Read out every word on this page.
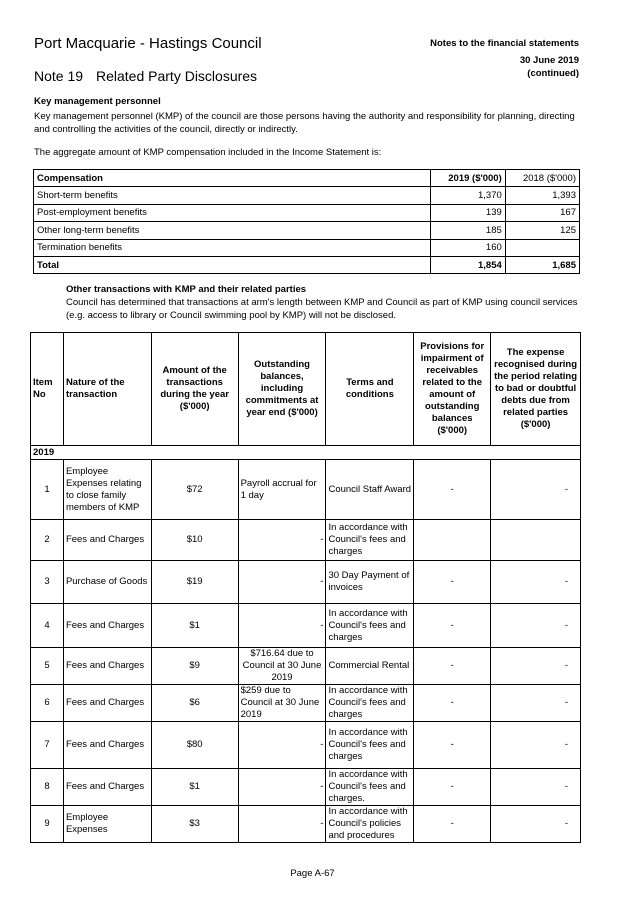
Port Macquarie - Hastings Council	Notes to the financial statements
30 June 2019
(continued)
Note 19 Related Party Disclosures
Key management personnel
Key management personnel (KMP) of the council are those persons having the authority and responsibility for planning, directing and controlling the activities of the council, directly or indirectly.
The aggregate amount of KMP compensation included in the Income Statement is:
Compensation	2019 ($'000)	2018 ($'000)
Short-term benefits	1,370	1,393
Post-employment benefits	139	167
Other long-term benefits	185	125
Termination benefits	160	
Total	1,854	1,685
Other transactions with KMP and their related parties
Council has determined that transactions at arm's length between KMP and Council as part of KMP using council services (e.g. access to library or Council swimming pool by KMP) will not be disclosed.
Item No	Nature of the transaction	Amount of the transactions during the year ($'000)	Outstanding balances, including commitments at year end ($'000)	Terms and conditions	Provisions for impairment of receivables related to the amount of outstanding balances ($'000)	The expense recognised during the period relating to bad or doubtful debts due from related parties ($'000)
2019						
1	Employee Expenses relating to close family members of KMP	$72	Payroll accrual for 1 day	Council Staff Award	-	-
2	Fees and Charges	$10	-	In accordance with Council's fees and charges		
3	Purchase of Goods	$19	-	30 Day Payment of invoices	-	-
4	Fees and Charges	$1	-	In accordance with Council's fees and charges	-	-
5	Fees and Charges	$9	$716.64 due to Council at 30 June 2019	Commercial Rental	-	-
6	Fees and Charges	$6	$259 due to Council at 30 June 2019	In accordance with Council's fees and charges	-	-
7	Fees and Charges	$80	-	In accordance with Council's fees and charges	-	-
8	Fees and Charges	$1	-	In accordance with Council's fees and charges.	-	-
9	Employee Expenses	$3	-	In accordance with Council's policies and procedures	-	-
Page A-67
